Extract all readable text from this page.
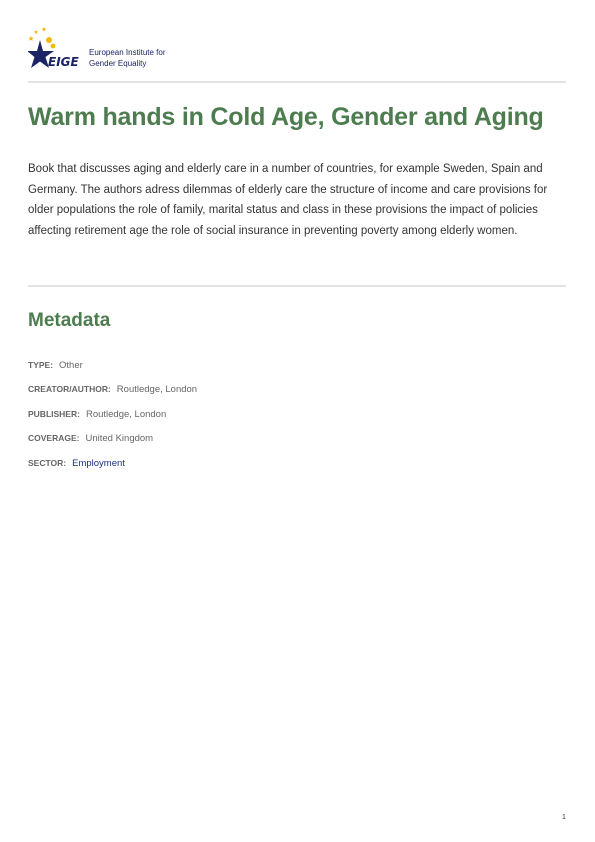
EIGE
European Institute for
Gender Equality
Warm hands in Cold Age, Gender and Aging

Book that discusses aging and elderly care in a number of countries, for example Sweden, Spain and Germany. The authors adress dilemmas of elderly care the structure of income and care provisions for older populations the role of family, marital status and class in these provisions the impact of policies affecting retirement age the role of social insurance in preventing poverty among elderly women.

Metadata
TYPE: Other
CREATOR/AUTHOR: Routledge, London
PUBLISHER: Routledge, London
COVERAGE: United Kingdom
SECTOR: Employment
1
